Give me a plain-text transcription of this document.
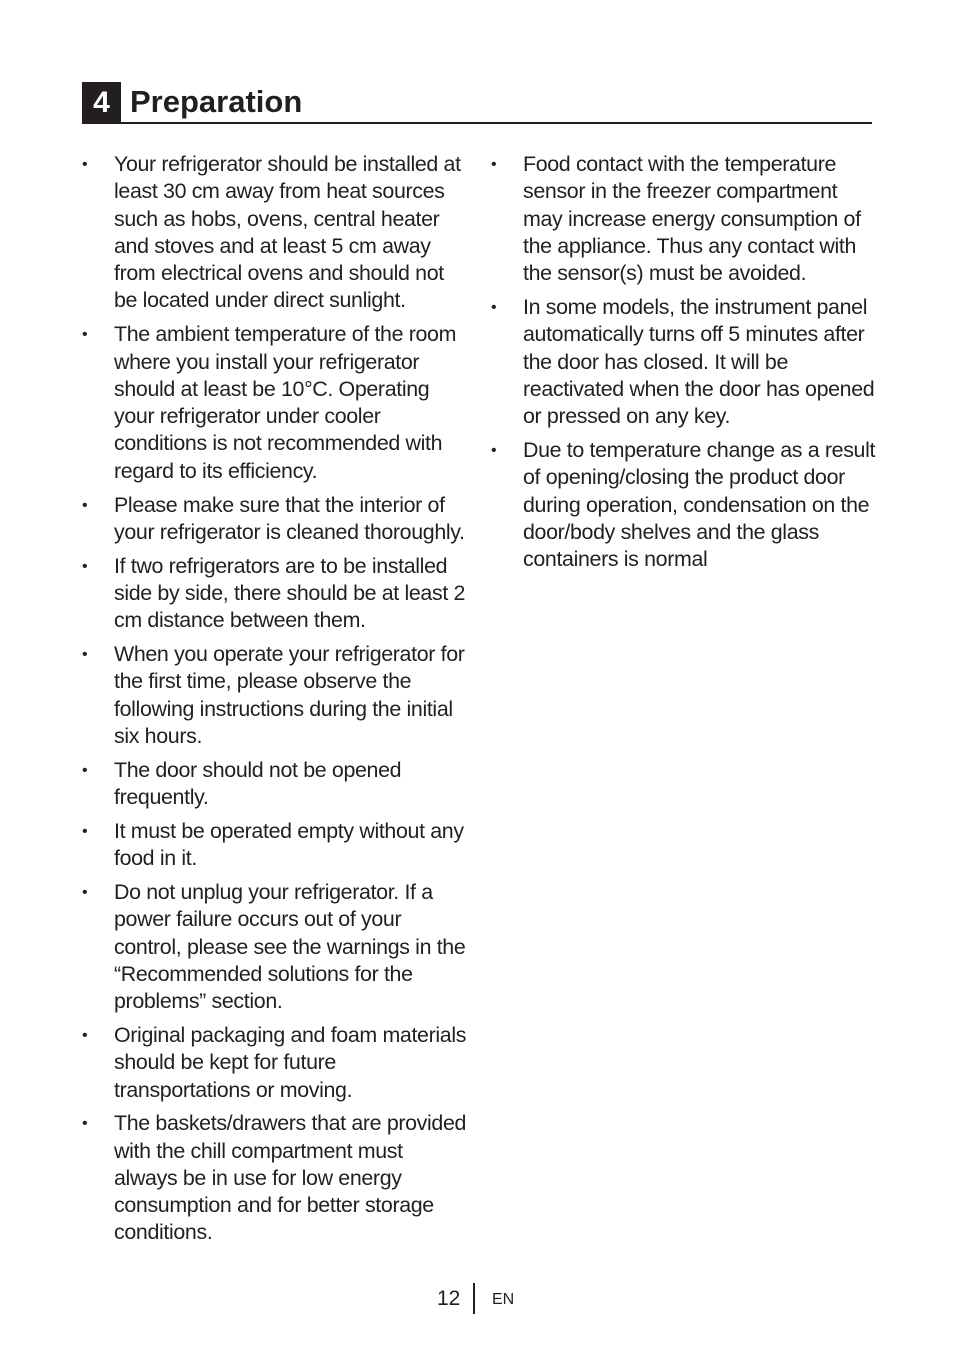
4 Preparation
•	Your refrigerator should be installed at least 30 cm away from heat sources such as hobs, ovens, central heater and stoves and at least 5 cm away from electrical ovens and should not be located under direct sunlight.
•	The ambient temperature of the room where you install your refrigerator should at least be 10°C. Operating your refrigerator under cooler conditions is not recommended with regard to its efficiency.
•	Please make sure that the interior of your refrigerator is cleaned thoroughly.
•	If two refrigerators are to be installed side by side, there should be at least 2 cm distance between them.
•	When you operate your refrigerator for the first time, please observe the following instructions during the initial six hours.
•	The door should not be opened frequently.
•	It must be operated empty without any food in it.
•	Do not unplug your refrigerator. If a power failure occurs out of your control, please see the warnings in the “Recommended solutions for the problems” section.
•	Original packaging and foam materials should be kept for future transportations or moving.
•	The baskets/drawers that are provided with the chill compartment must always be in use for low energy consumption and for better storage conditions.
•	Food contact with the temperature sensor in the freezer compartment may increase energy consumption of the appliance. Thus any contact with the sensor(s) must be avoided.
•	In some models, the instrument panel automatically turns off 5 minutes after the door has closed. It will be reactivated when the door has opened or pressed on any key.
•	Due to temperature change as a result of opening/closing the product door during operation, condensation on the door/body shelves and the glass containers is normal
12 EN
